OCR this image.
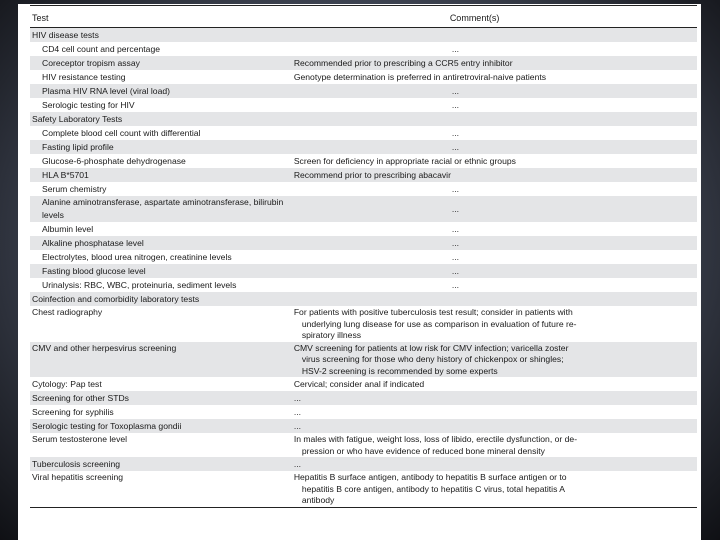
Test	Comment(s)
HIV disease tests	
CD4 cell count and percentage	...
Coreceptor tropism assay	Recommended prior to prescribing a CCR5 entry inhibitor
HIV resistance testing	Genotype determination is preferred in antiretroviral-naive patients
Plasma HIV RNA level (viral load)	...
Serologic testing for HIV	...
Safety Laboratory Tests	
Complete blood cell count with differential	...
Fasting lipid profile	...
Glucose-6-phosphate dehydrogenase	Screen for deficiency in appropriate racial or ethnic groups
HLA B*5701	Recommend prior to prescribing abacavir
Serum chemistry	...
Alanine aminotransferase, aspartate aminotransferase, bilirubin levels	...
Albumin level	...
Alkaline phosphatase level	...
Electrolytes, blood urea nitrogen, creatinine levels	...
Fasting blood glucose level	...
Urinalysis: RBC, WBC, proteinuria, sediment levels	...
Coinfection and comorbidity laboratory tests	
Chest radiography	For patients with positive tuberculosis test result; consider in patients with
underlying lung disease for use as comparison in evaluation of future re-
spiratory illness

CMV and other herpesvirus screening	CMV screening for patients at low risk for CMV infection; varicella zoster
virus screening for those who deny history of chickenpox or shingles;
HSV-2 screening is recommended by some experts

Cytology: Pap test	Cervical; consider anal if indicated
Screening for other STDs	...
Screening for syphilis	...
Serologic testing for Toxoplasma gondii	...
Serum testosterone level	In males with fatigue, weight loss, loss of libido, erectile dysfunction, or de-
pression or who have evidence of reduced bone mineral density

Tuberculosis screening	...
Viral hepatitis screening	Hepatitis B surface antigen, antibody to hepatitis B surface antigen or to
hepatitis B core antigen, antibody to hepatitis C virus, total hepatitis A
antibody
